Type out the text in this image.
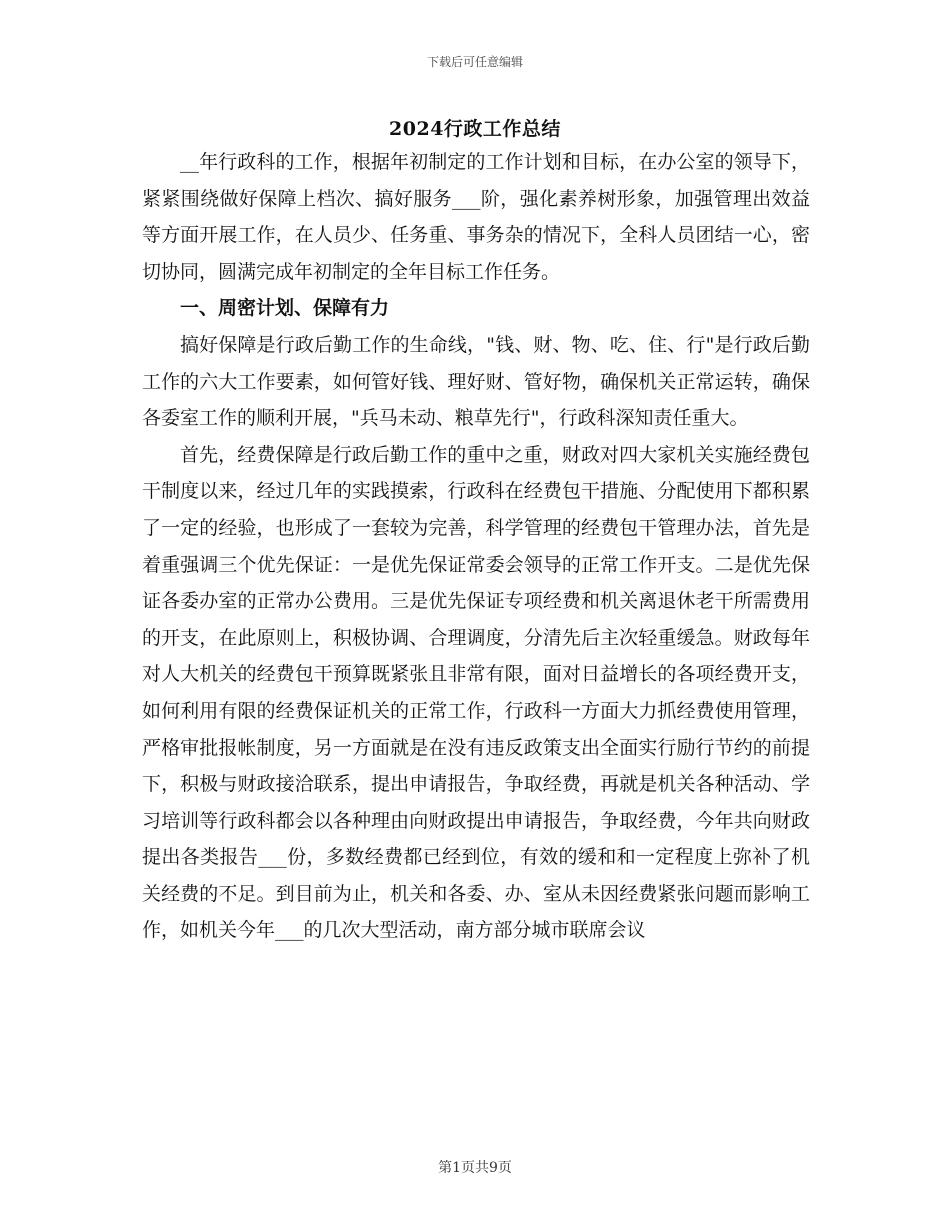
下载后可任意编辑
2024行政工作总结

__年行政科的工作，根据年初制定的工作计划和目标，在办公室的领导下，紧紧围绕做好保障上档次、搞好服务___阶，强化素养树形象，加强管理出效益等方面开展工作，在人员少、任务重、事务杂的情况下，全科人员团结一心，密切协同，圆满完成年初制定的全年目标工作任务。

一、周密计划、保障有力

搞好保障是行政后勤工作的生命线，"钱、财、物、吃、住、行"是行政后勤工作的六大工作要素，如何管好钱、理好财、管好物，确保机关正常运转，确保各委室工作的顺利开展，"兵马未动、粮草先行"，行政科深知责任重大。

首先，经费保障是行政后勤工作的重中之重，财政对四大家机关实施经费包干制度以来，经过几年的实践摸索，行政科在经费包干措施、分配使用下都积累了一定的经验，也形成了一套较为完善，科学管理的经费包干管理办法，首先是着重强调三个优先保证：一是优先保证常委会领导的正常工作开支。二是优先保证各委办室的正常办公费用。三是优先保证专项经费和机关离退休老干所需费用的开支，在此原则上，积极协调、合理调度，分清先后主次轻重缓急。财政每年对人大机关的经费包干预算既紧张且非常有限，面对日益增长的各项经费开支，如何利用有限的经费保证机关的正常工作，行政科一方面大力抓经费使用管理，严格审批报帐制度，另一方面就是在没有违反政策支出全面实行励行节约的前提下，积极与财政接洽联系，提出申请报告，争取经费，再就是机关各种活动、学习培训等行政科都会以各种理由向财政提出申请报告，争取经费，今年共向财政提出各类报告___份，多数经费都已经到位，有效的缓和和一定程度上弥补了机关经费的不足。到目前为止，机关和各委、办、室从未因经费紧张问题而影响工作，如机关今年___的几次大型活动，南方部分城市联席会议

第1页共9页
